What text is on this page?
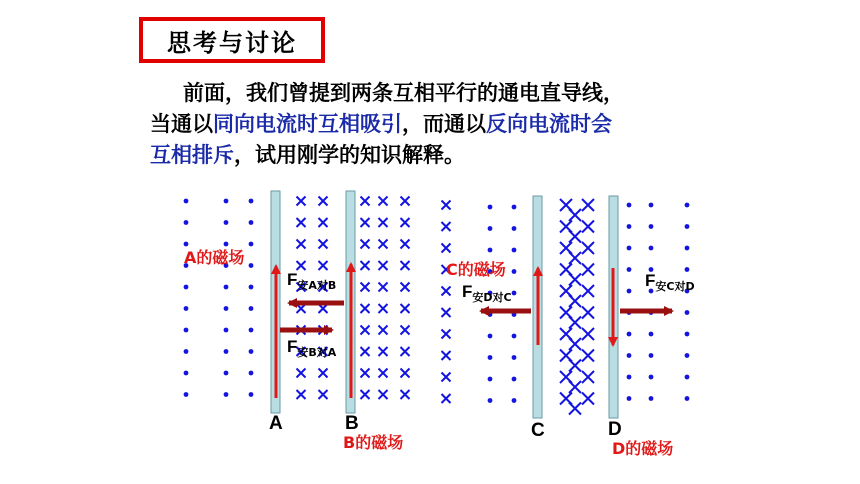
思考与讨论
前面，我们曾提到两条互相平行的通电直导线，
当通以同向电流时互相吸引，而通以反向电流时会
互相排斥，试用刚学的知识解释。
A的磁场
B的磁场
C的磁场
D的磁场
A	B	C	D
$F_{安A对B}$
$F_{安B对A}$
$F_{安D对C}$
$F_{安C对D}$
